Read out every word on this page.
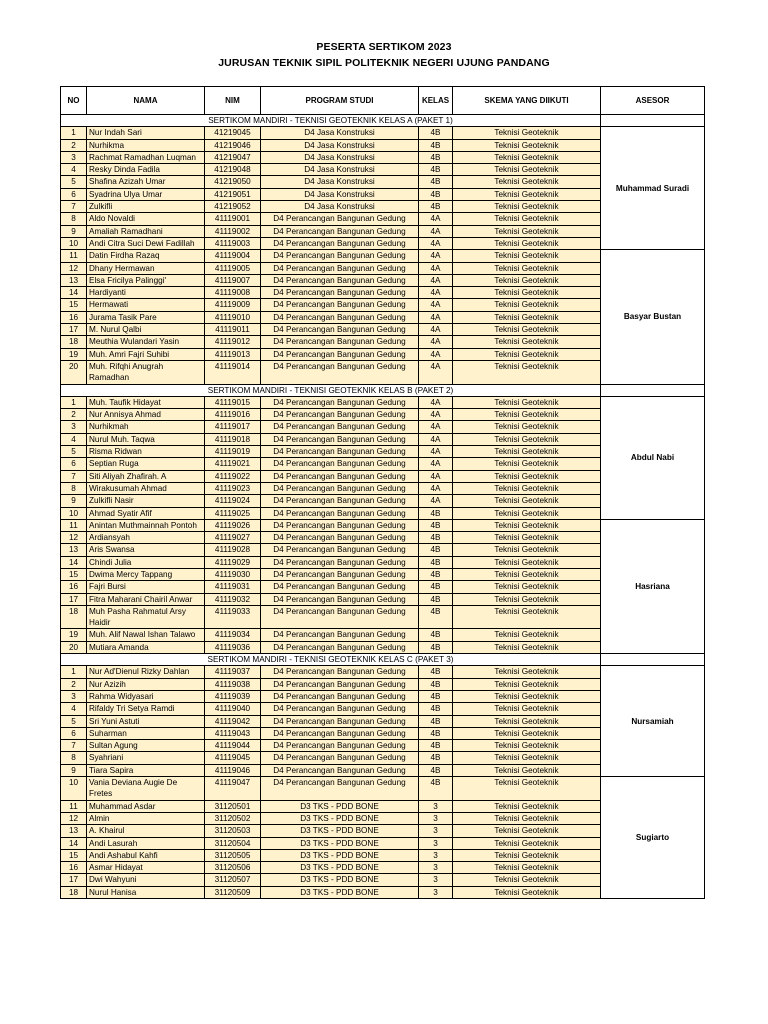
PESERTA SERTIKOM 2023
JURUSAN TEKNIK SIPIL POLITEKNIK NEGERI UJUNG PANDANG
NO	NAMA	NIM	PROGRAM STUDI	KELAS	SKEMA YANG DIIKUTI	ASESOR
SERTIKOM MANDIRI - TEKNISI GEOTEKNIK KELAS A (PAKET 1)						
1	Nur Indah Sari	41219045	D4 Jasa Konstruksi	4B	Teknisi Geoteknik	Muhammad Suradi
2	Nurhikma	41219046	D4 Jasa Konstruksi	4B	Teknisi Geoteknik	
3	Rachmat Ramadhan Luqman	41219047	D4 Jasa Konstruksi	4B	Teknisi Geoteknik	
4	Resky Dinda Fadila	41219048	D4 Jasa Konstruksi	4B	Teknisi Geoteknik	
5	Shafina Azizah Umar	41219050	D4 Jasa Konstruksi	4B	Teknisi Geoteknik	
6	Syadrina Ulya Umar	41219051	D4 Jasa Konstruksi	4B	Teknisi Geoteknik	
7	Zulkifli	41219052	D4 Jasa Konstruksi	4B	Teknisi Geoteknik	
8	Aldo Novaldi	41119001	D4 Perancangan Bangunan Gedung	4A	Teknisi Geoteknik	
9	Amaliah Ramadhani	41119002	D4 Perancangan Bangunan Gedung	4A	Teknisi Geoteknik	
10	Andi Citra Suci Dewi Fadillah	41119003	D4 Perancangan Bangunan Gedung	4A	Teknisi Geoteknik	
11	Datin Firdha Razaq	41119004	D4 Perancangan Bangunan Gedung	4A	Teknisi Geoteknik	Basyar Bustan
12	Dhany Hermawan	41119005	D4 Perancangan Bangunan Gedung	4A	Teknisi Geoteknik	
13	Elsa Fricilya Palinggi'	41119007	D4 Perancangan Bangunan Gedung	4A	Teknisi Geoteknik	
14	Hardiyanti	41119008	D4 Perancangan Bangunan Gedung	4A	Teknisi Geoteknik	
15	Hermawati	41119009	D4 Perancangan Bangunan Gedung	4A	Teknisi Geoteknik	
16	Jurama Tasik Pare	41119010	D4 Perancangan Bangunan Gedung	4A	Teknisi Geoteknik	
17	M. Nurul Qalbi	41119011	D4 Perancangan Bangunan Gedung	4A	Teknisi Geoteknik	
18	Meuthia Wulandari Yasin	41119012	D4 Perancangan Bangunan Gedung	4A	Teknisi Geoteknik	
19	Muh. Amri Fajri Suhibi	41119013	D4 Perancangan Bangunan Gedung	4A	Teknisi Geoteknik	
20	Muh. Rifqhi Anugrah Ramadhan	41119014	D4 Perancangan Bangunan Gedung	4A	Teknisi Geoteknik	
SERTIKOM MANDIRI - TEKNISI GEOTEKNIK KELAS B (PAKET 2)						
1	Muh. Taufik Hidayat	41119015	D4 Perancangan Bangunan Gedung	4A	Teknisi Geoteknik	Abdul Nabi
2	Nur Annisya Ahmad	41119016	D4 Perancangan Bangunan Gedung	4A	Teknisi Geoteknik	
3	Nurhikmah	41119017	D4 Perancangan Bangunan Gedung	4A	Teknisi Geoteknik	
4	Nurul Muh. Taqwa	41119018	D4 Perancangan Bangunan Gedung	4A	Teknisi Geoteknik	
5	Risma Ridwan	41119019	D4 Perancangan Bangunan Gedung	4A	Teknisi Geoteknik	
6	Septian Ruga	41119021	D4 Perancangan Bangunan Gedung	4A	Teknisi Geoteknik	
7	Siti Aliyah Zhafirah. A	41119022	D4 Perancangan Bangunan Gedung	4A	Teknisi Geoteknik	
8	Wirakusumah Ahmad	41119023	D4 Perancangan Bangunan Gedung	4A	Teknisi Geoteknik	
9	Zulkifli Nasir	41119024	D4 Perancangan Bangunan Gedung	4A	Teknisi Geoteknik	
10	Ahmad Syatir Afif	41119025	D4 Perancangan Bangunan Gedung	4B	Teknisi Geoteknik	
11	Anintan Muthmainnah Pontoh	41119026	D4 Perancangan Bangunan Gedung	4B	Teknisi Geoteknik	Hasriana
12	Ardiansyah	41119027	D4 Perancangan Bangunan Gedung	4B	Teknisi Geoteknik	
13	Aris Swansa	41119028	D4 Perancangan Bangunan Gedung	4B	Teknisi Geoteknik	
14	Chindi Julia	41119029	D4 Perancangan Bangunan Gedung	4B	Teknisi Geoteknik	
15	Dwima Mercy Tappang	41119030	D4 Perancangan Bangunan Gedung	4B	Teknisi Geoteknik	
16	Fajri Bursi	41119031	D4 Perancangan Bangunan Gedung	4B	Teknisi Geoteknik	
17	Fitra Maharani Chairil Anwar	41119032	D4 Perancangan Bangunan Gedung	4B	Teknisi Geoteknik	
18	Muh Pasha Rahmatul Arsy Haidir	41119033	D4 Perancangan Bangunan Gedung	4B	Teknisi Geoteknik	
19	Muh. Alif Nawal Ishan Talawo	41119034	D4 Perancangan Bangunan Gedung	4B	Teknisi Geoteknik	
20	Mutiara Amanda	41119036	D4 Perancangan Bangunan Gedung	4B	Teknisi Geoteknik	
SERTIKOM MANDIRI - TEKNISI GEOTEKNIK KELAS C (PAKET 3)						
1	Nur Ad'Dienul Rizky Dahlan	41119037	D4 Perancangan Bangunan Gedung	4B	Teknisi Geoteknik	Nursamiah
2	Nur Azizih	41119038	D4 Perancangan Bangunan Gedung	4B	Teknisi Geoteknik	
3	Rahma Widyasari	41119039	D4 Perancangan Bangunan Gedung	4B	Teknisi Geoteknik	
4	Rifaldy Tri Setya Ramdi	41119040	D4 Perancangan Bangunan Gedung	4B	Teknisi Geoteknik	
5	Sri Yuni Astuti	41119042	D4 Perancangan Bangunan Gedung	4B	Teknisi Geoteknik	
6	Suharman	41119043	D4 Perancangan Bangunan Gedung	4B	Teknisi Geoteknik	
7	Sultan Agung	41119044	D4 Perancangan Bangunan Gedung	4B	Teknisi Geoteknik	
8	Syahriani	41119045	D4 Perancangan Bangunan Gedung	4B	Teknisi Geoteknik	
9	Tiara Sapira	41119046	D4 Perancangan Bangunan Gedung	4B	Teknisi Geoteknik	
10	Vania Deviana Augie De Fretes	41119047	D4 Perancangan Bangunan Gedung	4B	Teknisi Geoteknik	Sugiarto
11	Muhammad Asdar	31120501	D3 TKS - PDD BONE	3	Teknisi Geoteknik	
12	Almin	31120502	D3 TKS - PDD BONE	3	Teknisi Geoteknik	
13	A. Khairul	31120503	D3 TKS - PDD BONE	3	Teknisi Geoteknik	
14	Andi Lasurah	31120504	D3 TKS - PDD BONE	3	Teknisi Geoteknik	
15	Andi Ashabul Kahfi	31120505	D3 TKS - PDD BONE	3	Teknisi Geoteknik	
16	Asmar Hidayat	31120506	D3 TKS - PDD BONE	3	Teknisi Geoteknik	
17	Dwi Wahyuni	31120507	D3 TKS - PDD BONE	3	Teknisi Geoteknik	
18	Nurul Hanisa	31120509	D3 TKS - PDD BONE	3	Teknisi Geoteknik	
